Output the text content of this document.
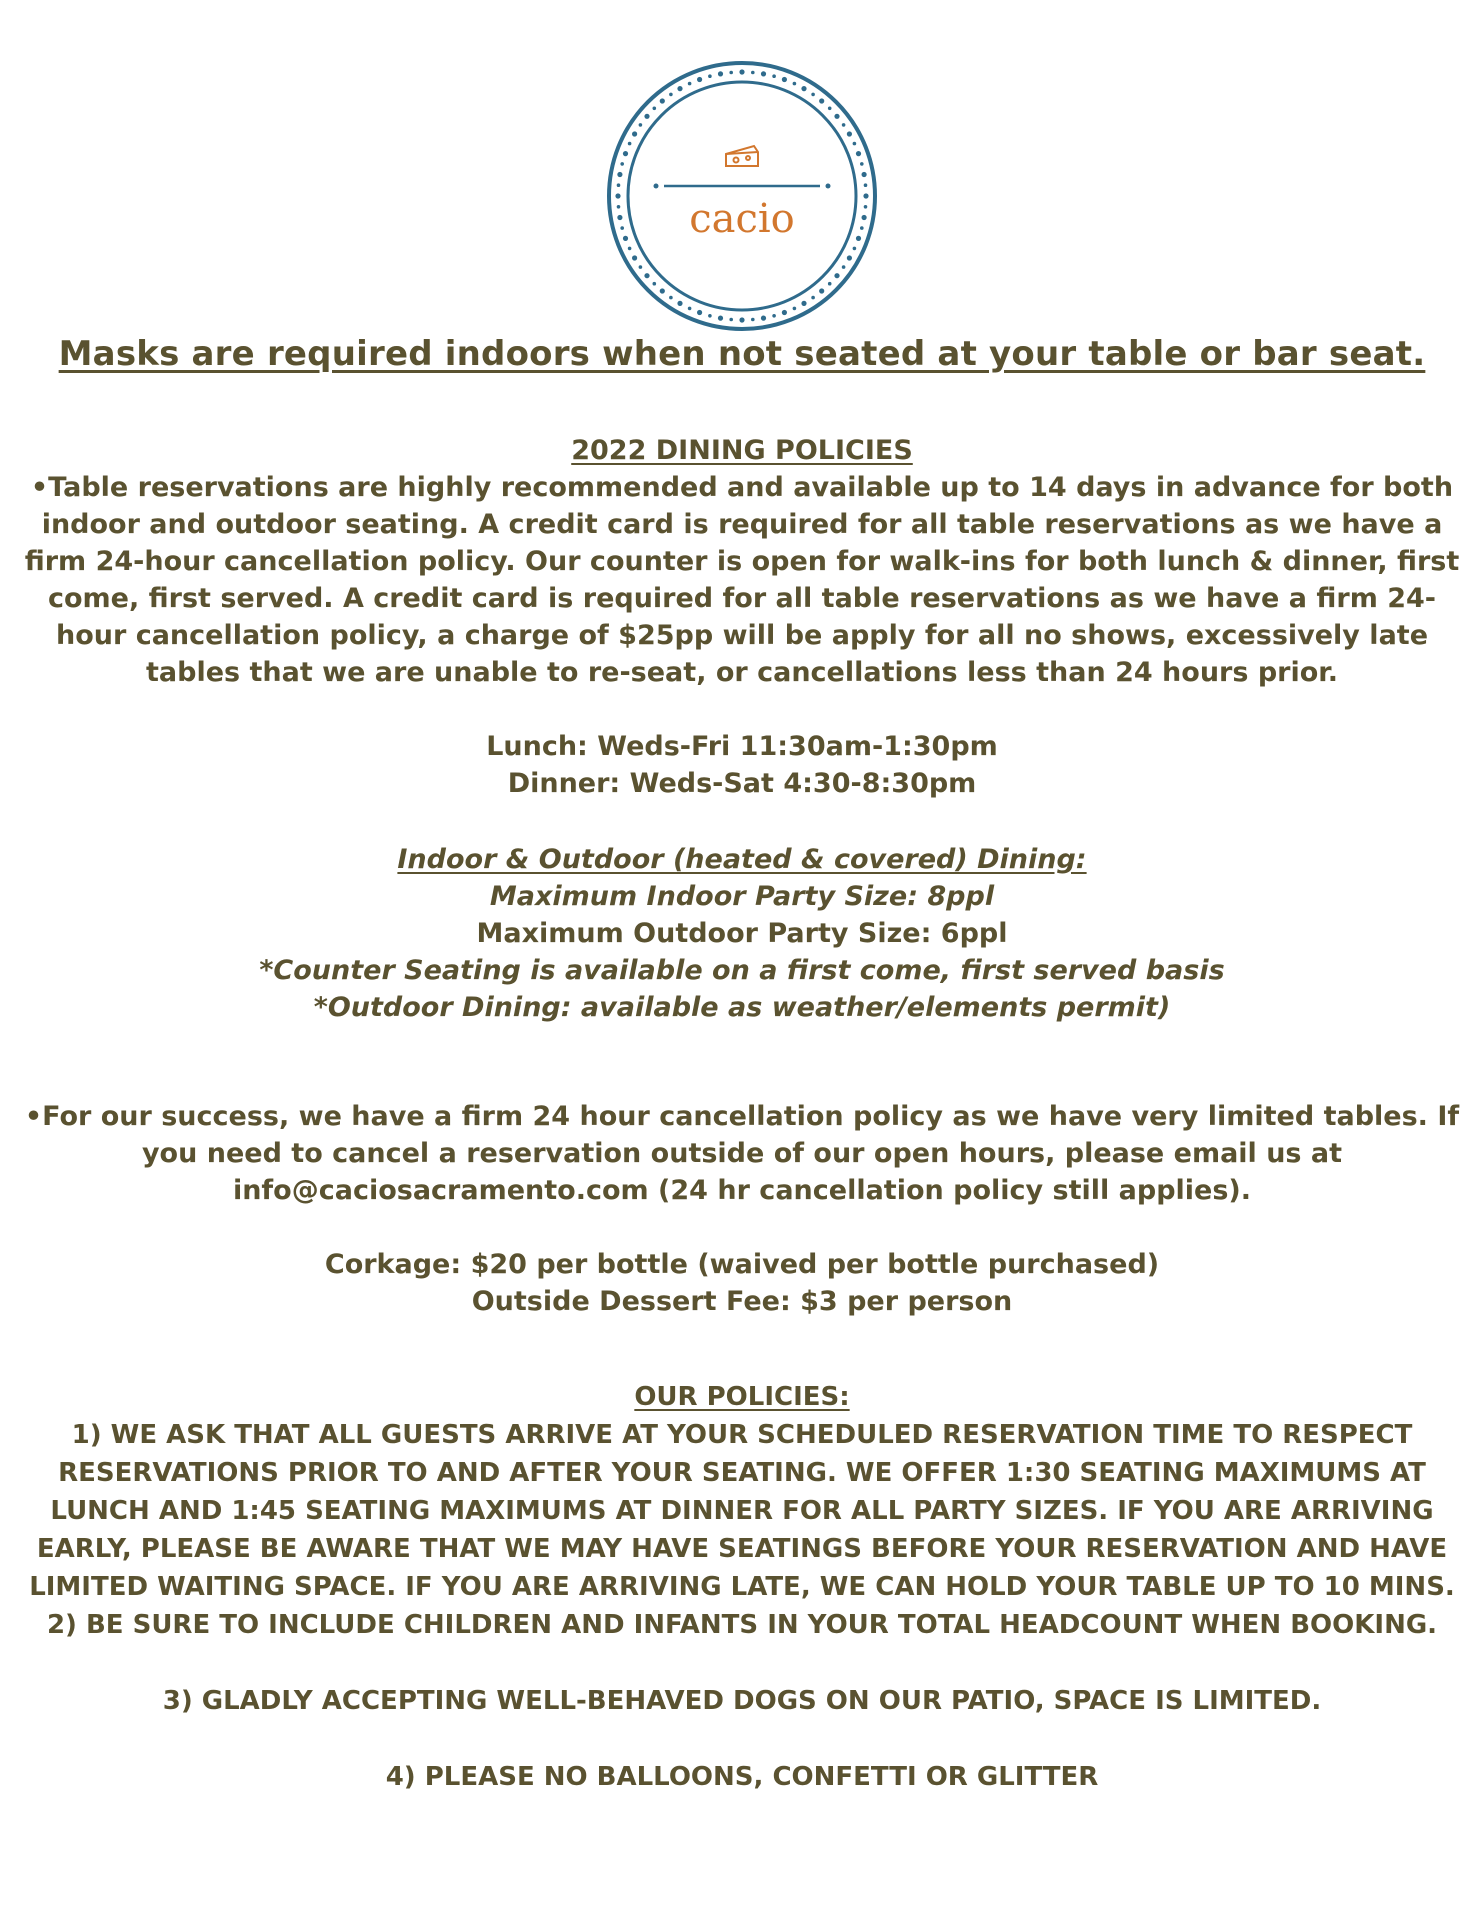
cacio
Masks are required indoors when not seated at your table or bar seat.

2022 DINING POLICIES

•Table reservations are highly recommended and available up to 14 days in advance for both indoor and outdoor seating. A credit card is required for all table reservations as we have a firm 24-hour cancellation policy. Our counter is open for walk-ins for both lunch & dinner, first come, first served. A credit card is required for all table reservations as we have a firm 24-hour cancellation policy, a charge of $25pp will be apply for all no shows, excessively late tables that we are unable to re-seat, or cancellations less than 24 hours prior.

Lunch: Weds-Fri 11:30am-1:30pm

Dinner: Weds-Sat 4:30-8:30pm

Indoor & Outdoor (heated & covered) Dining:

Maximum Indoor Party Size: 8ppl

Maximum Outdoor Party Size: 6ppl

*Counter Seating is available on a first come, first served basis

*Outdoor Dining: available as weather/elements permit)

•For our success, we have a firm 24 hour cancellation policy as we have very limited tables. If you need to cancel a reservation outside of our open hours, please email us at info@caciosacramento.com (24 hr cancellation policy still applies).

Corkage: $20 per bottle (waived per bottle purchased)

Outside Dessert Fee: $3 per person

OUR POLICIES:

1) WE ASK THAT ALL GUESTS ARRIVE AT YOUR SCHEDULED RESERVATION TIME TO RESPECT RESERVATIONS PRIOR TO AND AFTER YOUR SEATING. WE OFFER 1:30 SEATING MAXIMUMS AT LUNCH AND 1:45 SEATING MAXIMUMS AT DINNER FOR ALL PARTY SIZES. IF YOU ARE ARRIVING EARLY, PLEASE BE AWARE THAT WE MAY HAVE SEATINGS BEFORE YOUR RESERVATION AND HAVE LIMITED WAITING SPACE. IF YOU ARE ARRIVING LATE, WE CAN HOLD YOUR TABLE UP TO 10 MINS.

2) BE SURE TO INCLUDE CHILDREN AND INFANTS IN YOUR TOTAL HEADCOUNT WHEN BOOKING.

3) GLADLY ACCEPTING WELL-BEHAVED DOGS ON OUR PATIO, SPACE IS LIMITED.

4) PLEASE NO BALLOONS, CONFETTI OR GLITTER
